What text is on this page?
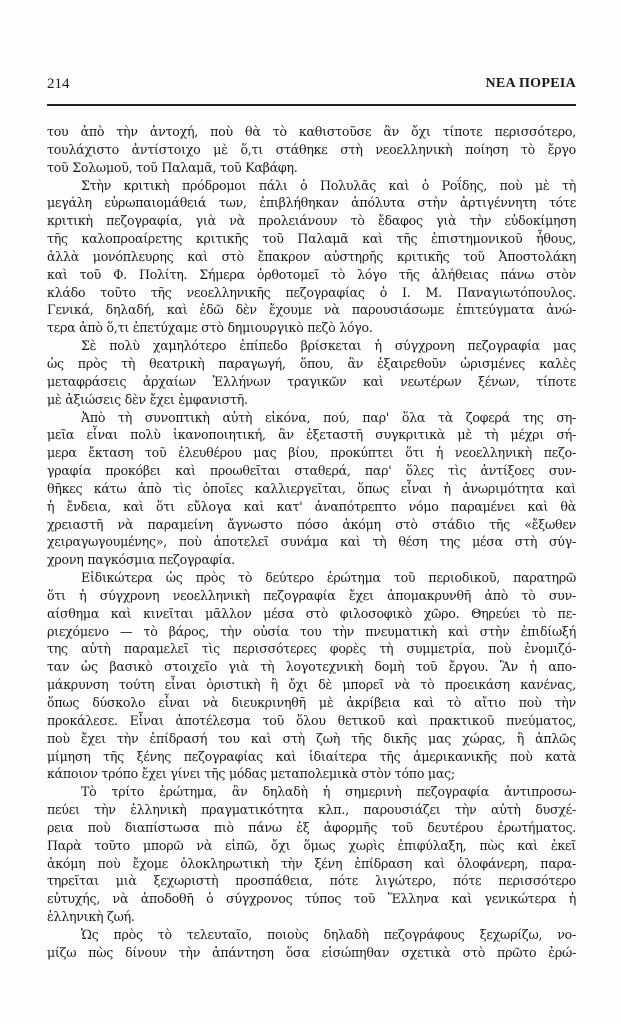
214	ΝΕΑ ΠΟΡΕΙΑ
του ἀπὸ τὴν ἀντοχή, ποὺ θὰ τὸ καθιστοῦσε ἂν ὄχι τίποτε περισσότερο,
τουλάχιστο ἀντίστοιχο μὲ ὅ,τι στάθηκε στὴ νεοελληνικὴ ποίηση τὸ ἔργο
τοῦ Σολωμοῦ, τοῦ Παλαμᾶ, τοῦ Καβάφη.
Στὴν κριτικὴ πρόδρομοι πάλι ὁ Πολυλᾶς καὶ ὁ Ροΐδης, ποὺ μὲ τὴ
μεγάλη εὐρωπαιομάθειά των, ἐπιβλήθηκαν ἀπόλυτα στὴν ἀρτιγέννητη τότε
κριτικὴ πεζογραφία, γιὰ νὰ προλειάνουν τὸ ἔδαφος γιὰ τὴν εὐδοκίμηση
τῆς καλοπροαίρετης κριτικῆς τοῦ Παλαμᾶ καὶ τῆς ἐπιστημονικοῦ ἦθους,
ἀλλὰ μονόπλευρης καὶ στὸ ἔπακρον αὐστηρῆς κριτικῆς τοῦ Ἀποστολάκη
καὶ τοῦ Φ. Πολίτη. Σήμερα ὀρθοτομεῖ τὸ λόγο τῆς ἀλήθειας πάνω στὸν
κλάδο τοῦτο τῆς νεοελληνικῆς πεζογραφίας ὁ Ι. Μ. Παναγιωτόπουλος.
Γενικά, δηλαδή, καὶ ἐδῶ δὲν ἔχουμε νὰ παρουσιάσωμε ἐπιτεύγματα ἀνώ-
τερα ἀπὸ ὅ,τι ἐπετύχαμε στὸ δημιουργικὸ πεζὸ λόγο.
Σὲ πολὺ χαμηλότερο ἐπίπεδο βρίσκεται ἡ σύγχρονη πεζογραφία μας
ὡς πρὸς τὴ θεατρικὴ παραγωγή, ὅπου, ἂν ἐξαιρεθοῦν ὡρισμένες καλὲς
μεταφράσεις ἀρχαίων Ἑλλήνων τραγικῶν καὶ νεωτέρων ξένων, τίποτε
μὲ ἀξιώσεις δὲν ἔχει ἐμφανιστῆ.
Ἀπὸ τὴ συνοπτικὴ αὐτὴ εἰκόνα, πού, παρ' ὅλα τὰ ζοφερά της ση-
μεῖα εἶναι πολὺ ἱκανοποιητική, ἂν ἐξεταστῆ συγκριτικὰ μὲ τὴ μέχρι σή-
μερα ἔκταση τοῦ ἐλευθέρου μας βίου, προκύπτει ὅτι ἡ νεοελληνικὴ πεζο-
γραφία προκόβει καὶ προωθεῖται σταθερά, παρ' ὅλες τὶς ἀντίξοες συν-
θῆκες κάτω ἀπὸ τὶς ὁποῖες καλλιεργεῖται, ὅπως εἶναι ἡ ἀνωριμότητα καὶ
ἡ ἔνδεια, καὶ ὅτι εὔλογα καὶ κατ' ἀναπότρεπτο νόμο παραμένει καὶ θὰ
χρειαστῆ νὰ παραμείνη ἄγνωστο πόσο ἀκόμη στὸ στάδιο τῆς «ἔξωθεν
χειραγωγουμένης», ποὺ ἀποτελεῖ συνάμα καὶ τὴ θέση της μέσα στὴ σύγ-
χρονη παγκόσμια πεζογραφία.
Εἰδικώτερα ὡς πρὸς τὸ δεύτερο ἐρώτημα τοῦ περιοδικοῦ, παρατηρῶ
ὅτι ἡ σύγχρονη νεοελληνικὴ πεζογραφία ἔχει ἀπομακρυνθῆ ἀπὸ τὸ συν-
αίσθημα καὶ κινεῖται μᾶλλον μέσα στὸ φιλοσοφικὸ χῶρο. Θηρεύει τὸ πε-
ριεχόμενο — τὸ βάρος, τὴν οὐσία του τὴν πνευματικὴ καὶ στὴν ἐπιδίωξή
της αὐτὴ παραμελεῖ τὶς περισσότερες φορὲς τὴ συμμετρία, ποὺ ἐνομιζό-
ταν ὡς βασικὸ στοιχεῖο γιὰ τὴ λογοτεχνικὴ δομὴ τοῦ ἔργου. Ἂν ἡ απο-
μάκρυνση τούτη εἶναι ὁριστικὴ ἢ ὄχι δὲ μπορεῖ νὰ τὸ προεικάση κανένας,
ὅπως δύσκολο εἶναι νὰ διευκρινηθῆ μὲ ἀκρίβεια καὶ τὸ αἴτιο ποὺ τὴν
προκάλεσε. Εἶναι ἀποτέλεσμα τοῦ ὅλου θετικοῦ καὶ πρακτικοῦ πνεύματος,
ποὺ ἔχει τὴν ἐπίδρασή του καὶ στὴ ζωὴ τῆς δικῆς μας χώρας, ἢ ἁπλῶς
μίμηση τῆς ξένης πεζογραφίας καὶ ἰδιαίτερα τῆς ἀμερικανικῆς ποὺ κατὰ
κάποιον τρόπο ἔχει γίνει τῆς μόδας μεταπολεμικὰ στὸν τόπο μας;
Τὸ τρίτο ἐρώτημα, ἂν δηλαδὴ ἡ σημερινὴ πεζογραφία ἀντιπροσω-
πεύει τὴν ἑλληνικὴ πραγματικότητα κλπ., παρουσιάζει τὴν αὐτὴ δυσχέ-
ρεια ποὺ διαπίστωσα πιὸ πάνω ἐξ ἀφορμῆς τοῦ δευτέρου ἐρωτήματος.
Παρὰ τοῦτο μπορῶ νὰ εἰπῶ, ὄχι ὅμως χωρὶς ἐπιφύλαξη, πὼς καὶ ἐκεῖ
ἀκόμη ποὺ ἔχομε ὁλοκληρωτικὴ τὴν ξένη ἐπίδραση καὶ ὁλοφάνερη, παρα-
τηρεῖται μιὰ ξεχωριστὴ προσπάθεια, πότε λιγώτερο, πότε περισσότερο
εὐτυχής, νὰ ἀποδοθῆ ὁ σύγχρονος τύπος τοῦ Ἕλληνα καὶ γενικώτερα ἡ
ἑλληνικὴ ζωή.
Ὡς πρὸς τὸ τελευταῖο, ποιοὺς δηλαδὴ πεζογράφους ξεχωρίζω, νο-
μίζω πὼς δίνουν τὴν ἀπάντηση ὅσα εἰσώπηθαν σχετικὰ στὸ πρῶτο ἐρώ-
